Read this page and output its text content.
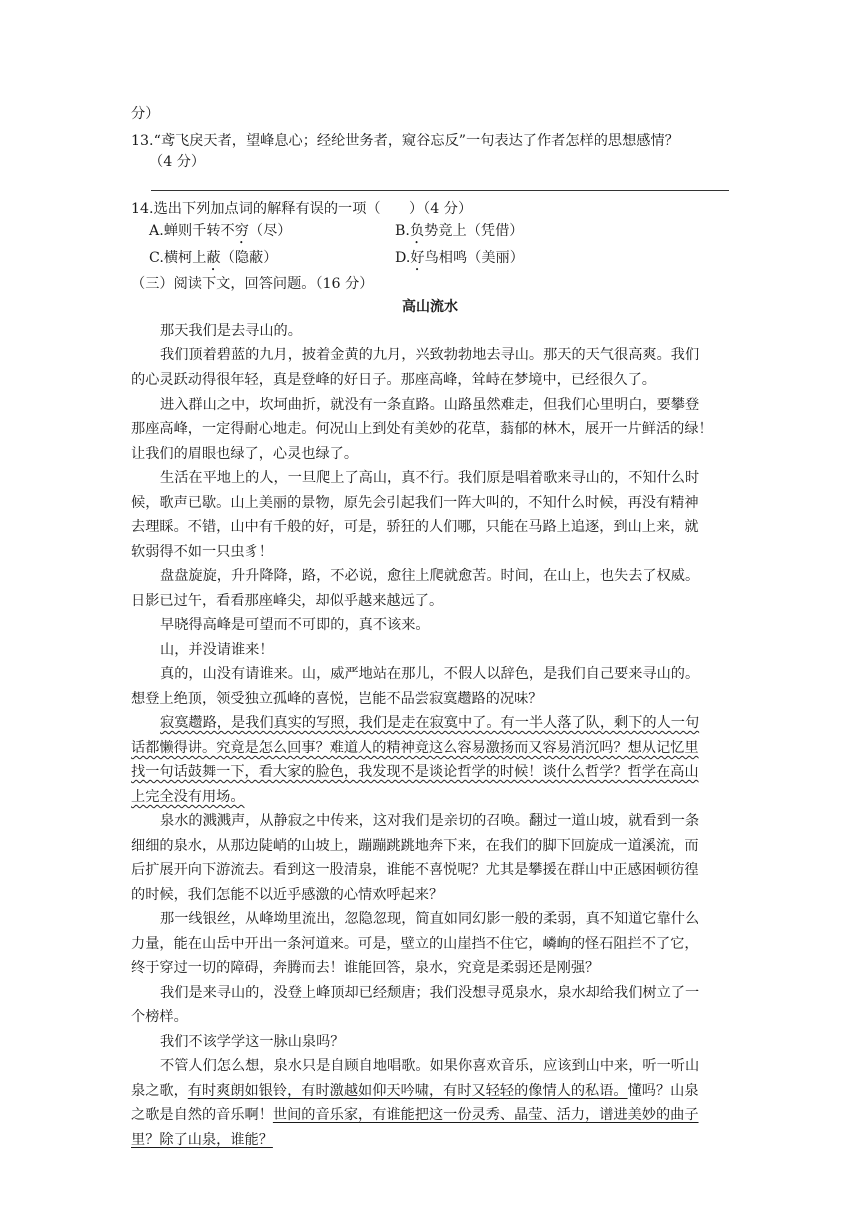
分）
13.“鸢飞戾天者，望峰息心；经纶世务者，窥谷忘反”一句表达了作者怎样的思想感情？
（4 分）
14.选出下列加点词的解释有误的一项（　　）（4 分）
A.蝉则千转不穷（尽）	B.负势竞上（凭借）
C.横柯上蔽（隐蔽）	D.好鸟相鸣（美丽）
（三）阅读下文，回答问题。（16 分）
高山流水
那天我们是去寻山的。
我们顶着碧蓝的九月，披着金黄的九月，兴致勃勃地去寻山。那天的天气很高爽。我们
的心灵跃动得很年轻，真是登峰的好日子。那座高峰，耸峙在梦境中，已经很久了。
进入群山之中，坎坷曲折，就没有一条直路。山路虽然难走，但我们心里明白，要攀登
那座高峰，一定得耐心地走。何况山上到处有美妙的花草，蓊郁的林木，展开一片鲜活的绿！
让我们的眉眼也绿了，心灵也绿了。
生活在平地上的人，一旦爬上了高山，真不行。我们原是唱着歌来寻山的，不知什么时
候，歌声已歇。山上美丽的景物，原先会引起我们一阵大叫的，不知什么时候，再没有精神
去理睬。不错，山中有千般的好，可是，骄狂的人们哪，只能在马路上追逐，到山上来，就
软弱得不如一只虫豸！
盘盘旋旋，升升降降，路，不必说，愈往上爬就愈苦。时间，在山上，也失去了权威。
日影已过午，看看那座峰尖，却似乎越来越远了。
早晓得高峰是可望而不可即的，真不该来。
山，并没请谁来！
真的，山没有请谁来。山，威严地站在那儿，不假人以辞色，是我们自己要来寻山的。
想登上绝顶，领受独立孤峰的喜悦，岂能不品尝寂寞趱路的况味？
寂寞趱路，是我们真实的写照，我们是走在寂寞中了。有一半人落了队，剩下的人一句
话都懒得讲。究竟是怎么回事？难道人的精神竟这么容易激扬而又容易消沉吗？想从记忆里
找一句话鼓舞一下，看大家的脸色，我发现不是谈论哲学的时候！谈什么哲学？哲学在高山
上完全没有用场。
泉水的溅溅声，从静寂之中传来，这对我们是亲切的召唤。翻过一道山坡，就看到一条
细细的泉水，从那边陡峭的山坡上，蹦蹦跳跳地奔下来，在我们的脚下回旋成一道溪流，而
后扩展开向下游流去。看到这一股清泉，谁能不喜悦呢？尤其是攀援在群山中正感困顿彷徨
的时候，我们怎能不以近乎感激的心情欢呼起来？
那一线银丝，从峰坳里流出，忽隐忽现，简直如同幻影一般的柔弱，真不知道它靠什么
力量，能在山岳中开出一条河道来。可是，壁立的山崖挡不住它，嶙峋的怪石阻拦不了它，
终于穿过一切的障碍，奔腾而去！谁能回答，泉水，究竟是柔弱还是刚强？
我们是来寻山的，没登上峰顶却已经颓唐；我们没想寻觅泉水，泉水却给我们树立了一
个榜样。
我们不该学学这一脉山泉吗？
不管人们怎么想，泉水只是自顾自地唱歌。如果你喜欢音乐，应该到山中来，听一听山
泉之歌，有时爽朗如银铃，有时激越如仰天吟啸，有时又轻轻的像情人的私语。懂吗？山泉
之歌是自然的音乐啊！世间的音乐家，有谁能把这一份灵秀、晶莹、活力，谱进美妙的曲子
里？除了山泉，谁能？
